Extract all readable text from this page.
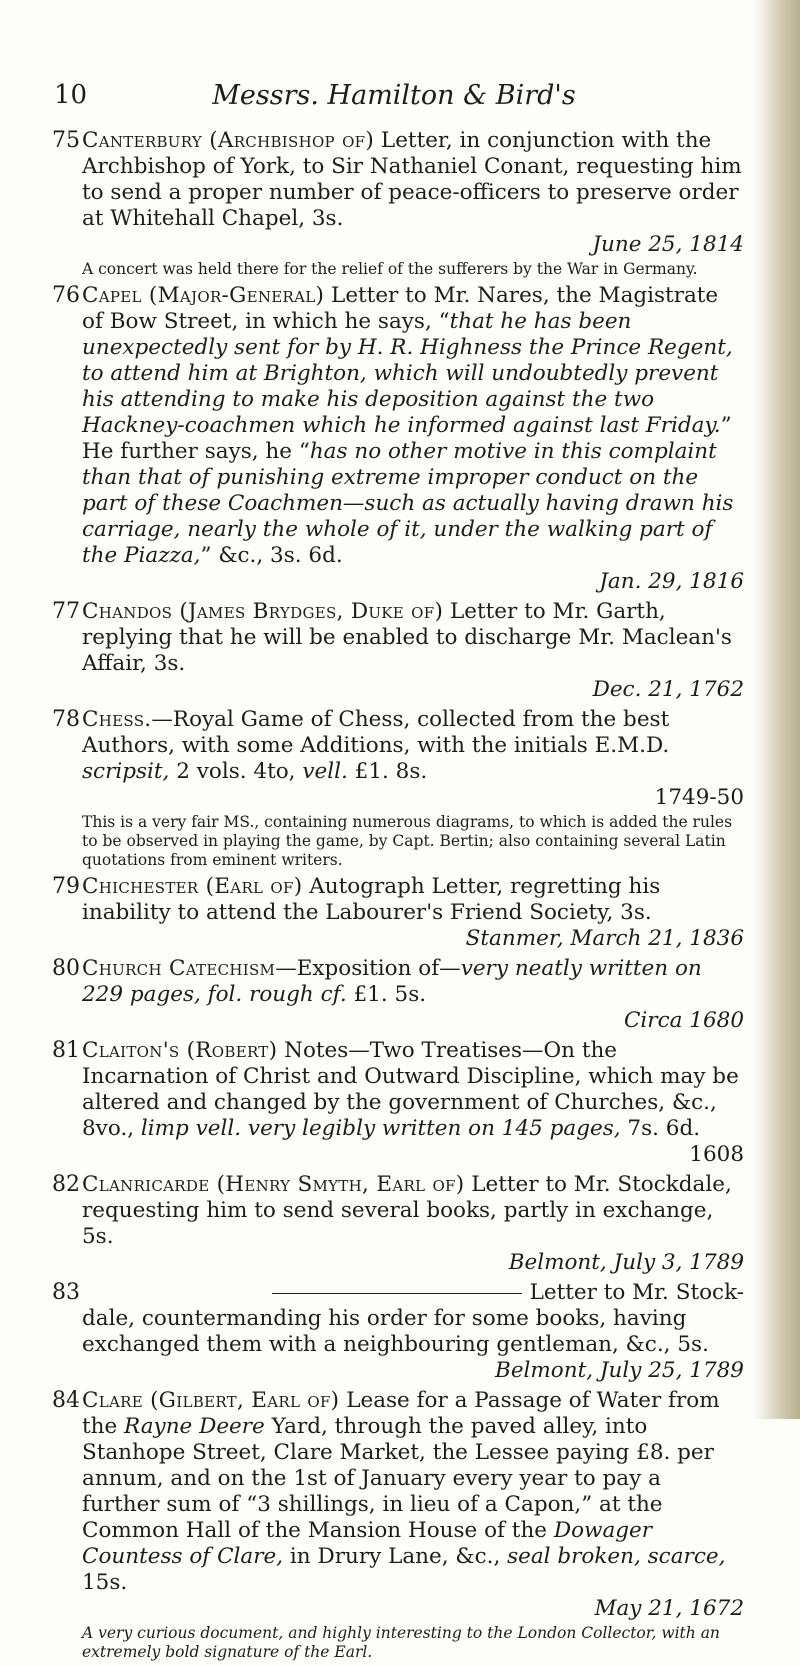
10	Messrs. Hamilton & Bird's
75 Canterbury (Archbishop of) Letter, in conjunction with the Archbishop of York, to Sir Nathaniel Conant, requesting him to send a proper number of peace-officers to preserve order at Whitehall Chapel, 3s.
June 25, 1814
A concert was held there for the relief of the sufferers by the War in Germany.
76 Capel (Major-General) Letter to Mr. Nares, the Magistrate of Bow Street, in which he says, “that he has been unexpectedly sent for by H. R. Highness the Prince Regent, to attend him at Brighton, which will undoubtedly prevent his attending to make his deposition against the two Hackney-coachmen which he informed against last Friday.” He further says, he “has no other motive in this complaint than that of punishing extreme improper conduct on the part of these Coachmen—such as actually having drawn his carriage, nearly the whole of it, under the walking part of the Piazza,” &c., 3s. 6d.
Jan. 29, 1816
77 Chandos (James Brydges, Duke of) Letter to Mr. Garth, replying that he will be enabled to discharge Mr. Maclean's Affair, 3s.
Dec. 21, 1762
78 Chess.—Royal Game of Chess, collected from the best Authors, with some Additions, with the initials E.M.D. scripsit, 2 vols. 4to, vell. £1. 8s.
1749-50
This is a very fair MS., containing numerous diagrams, to which is added the rules to be observed in playing the game, by Capt. Bertin; also containing several Latin quotations from eminent writers.
79 Chichester (Earl of) Autograph Letter, regretting his inability to attend the Labourer's Friend Society, 3s.
Stanmer, March 21, 1836
80 Church Catechism—Exposition of—very neatly written on 229 pages, fol. rough cf. £1. 5s.
Circa 1680
81 Claiton's (Robert) Notes—Two Treatises—On the Incarnation of Christ and Outward Discipline, which may be altered and changed by the government of Churches, &c., 8vo., limp vell. very legibly written on 145 pages, 7s. 6d.
1608
82 Clanricarde (Henry Smyth, Earl of) Letter to Mr. Stockdale, requesting him to send several books, partly in exchange, 5s.
Belmont, July 3, 1789
83	Letter to Mr. Stock-
dale, countermanding his order for some books, having exchanged them with a neighbouring gentleman, &c., 5s.
Belmont, July 25, 1789
84 Clare (Gilbert, Earl of) Lease for a Passage of Water from the Rayne Deere Yard, through the paved alley, into Stanhope Street, Clare Market, the Lessee paying £8. per annum, and on the 1st of January every year to pay a further sum of “3 shillings, in lieu of a Capon,” at the Common Hall of the Mansion House of the Dowager Countess of Clare, in Drury Lane, &c., seal broken, scarce, 15s.
May 21, 1672
A very curious document, and highly interesting to the London Collector, with an extremely bold signature of the Earl.
